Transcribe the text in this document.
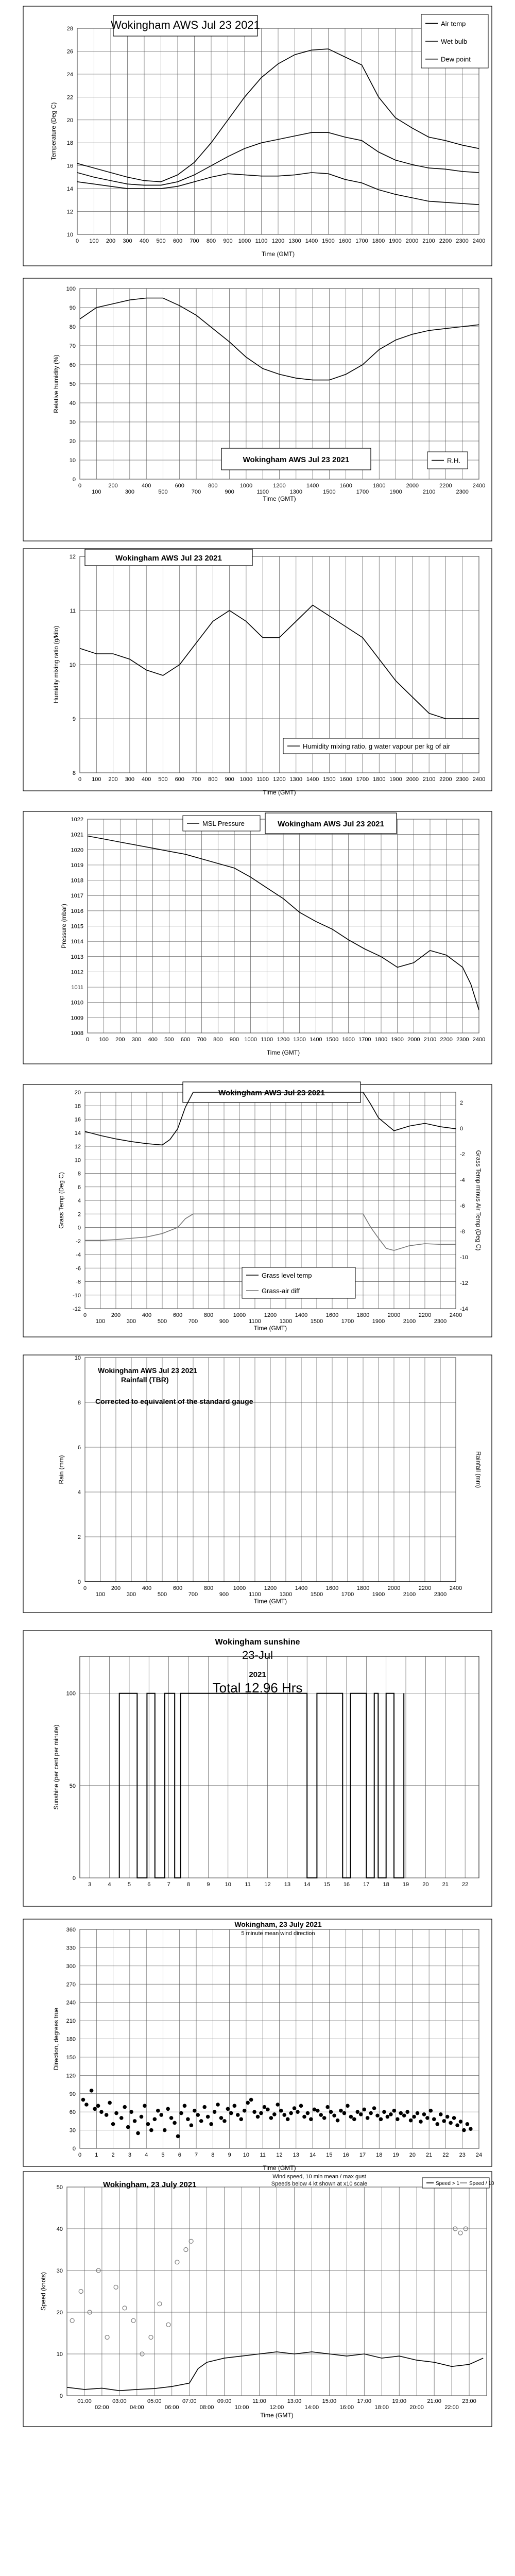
0 100 200 300 400 500 600 700 800 900 1000 1100 1200 1300 1400 1500 1600 1700 1800 1900 2000 2100 2200 2300 2400
10
12
14
16
18
20
22
24
26
28
Time (GMT)
Temperature (Deg C)
Wokingham AWS Jul 23 2021	Air temp
Wet bulb
Dew point
0
100
200
300
400
500
600
700
800
900
1000
1100
1200
1300
1400
1500
1600
1700
1800
1900
2000
2100
2200
2300
2400
0
10
20
30
40
50
60
70
80
90
100
Time (GMT)
Relative humidity (%)
Wokingham AWS Jul 23 2021	R.H.
0 100 200 300 400 500 600 700 800 900 1000 1100 1200 1300 1400 1500 1600 1700 1800 1900 2000 2100 2200 2300 2400
8
9
10
11
12
Time (GMT)
Humidity mixing ratio (g/kilo)
Wokingham AWS Jul 23 2021
Humidity mixing ratio, g water vapour per kg of air
0 100 200 300 400 500 600 700 800 900 1000 1100 1200 1300 1400 1500 1600 1700 1800 1900 2000 2100 2200 2300 2400
1008
1009
1010
1011
1012
1013
1014
1015
1016
1017
1018
1019
1020
1021
1022
Time (GMT)
Pressure (mbar)
Wokingham AWS Jul 23 2021
MSL Pressure
0
100
200
300
400
500
600
700
800
900
1000
1100
1200
1300
1400
1500
1600
1700
1800
1900
2000
2100
2200
2300
2400
-12
-10
-8
-6
-4
-2
0
2
4
6
8
10
12
14
16
18
20
-14
-12
-10
-8
-6
-4
-2
0
2
Time (GMT)
Grass Temp (Deg C)	Grass Temp minus Air Temp (Deg C)
Wokingham AWS Jul 23 2021
Grass level temp
Grass-air diff
0
100
200
300
400
500
600
700
800
900
1000
1100
1200
1300
1400
1500
1600
1700
1800
1900
2000
2100
2200
2300
2400
0
2
4
6
8
10
Time (GMT)
Rain (mm)	Rainfall (mm)
Wokingham AWS Jul 23 2021
Rainfall (TBR)
Corrected to equivalent of the standard gauge
3	4	5	6	7	8	9	10 11 12 13 14 15 16 17 18 19 20 21 22
0
50
100
Sunshine (per cent per minute)
Wokingham sunshine
23-Jul
2021
Total 12.96 Hrs
0 1 2 3 4 5 6 7 8 9 10 11 12 13 14 15 16 17 18 19 20 21 22 23 24
0
30
60
90
120
150
180
210
240
270
300
330
360
Time (GMT)
Direction, degrees true
Wokingham, 23 July 2021
5 minute mean wind direction
01:00
02:00
03:00
04:00
05:00
06:00
07:00
08:00
09:00
10:00
11:00
12:00
13:00
14:00
15:00
16:00
17:00
18:00
19:00
20:00
21:00
22:00
23:00
0
10
20
30
40
50
Time (GMT)
Speed (knots)
Wokingham, 23 July 2021
Wind speed, 10 min mean / max gust
Speeds below 4 kt shown at x10 scale	Speed > 1 Speed / 10
